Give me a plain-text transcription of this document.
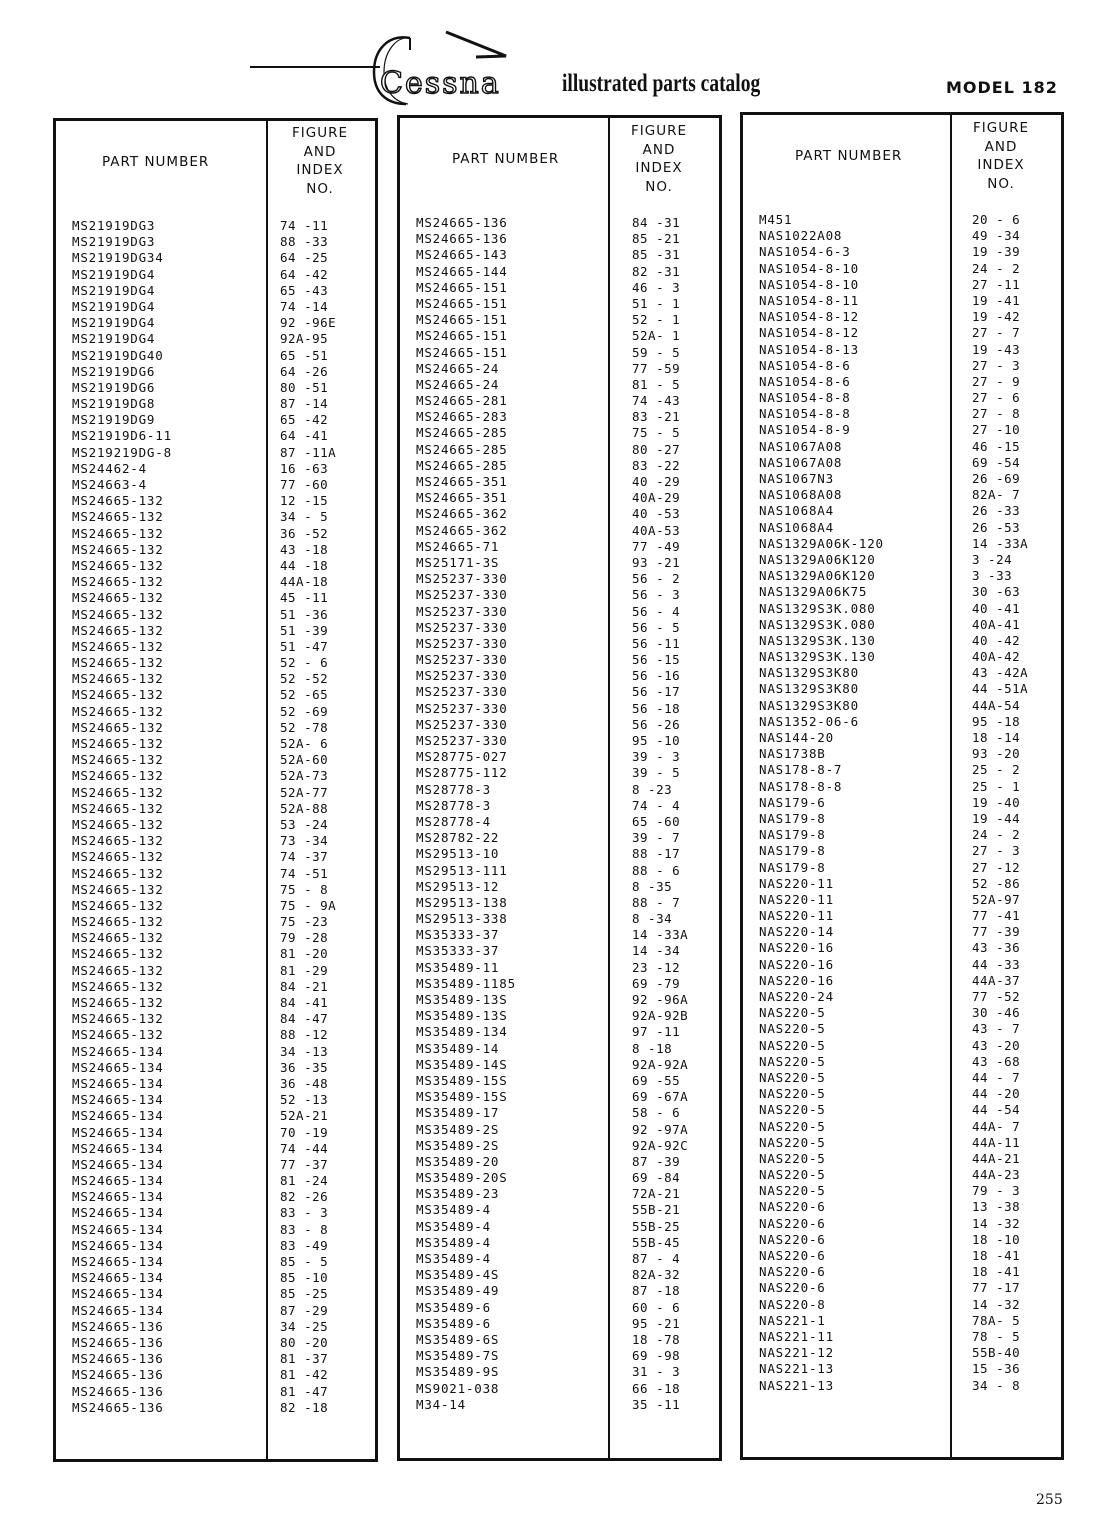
Cessna illustrated parts catalog	MODEL 182
PART NUMBER
FIGURE
AND
INDEX
NO.
MS21919DG3	74 -11
MS21919DG3	88 -33
MS21919DG34	64 -25
MS21919DG4	64 -42
MS21919DG4	65 -43
MS21919DG4	74 -14
MS21919DG4	92 -96E
MS21919DG4	92A-95
MS21919DG40	65 -51
MS21919DG6	64 -26
MS21919DG6	80 -51
MS21919DG8	87 -14
MS21919DG9	65 -42
MS21919D6-11	64 -41
MS219219DG-8	87 -11A
MS24462-4	16 -63
MS24663-4	77 -60
MS24665-132	12 -15
MS24665-132	34 - 5
MS24665-132	36 -52
MS24665-132	43 -18
MS24665-132	44 -18
MS24665-132	44A-18
MS24665-132	45 -11
MS24665-132	51 -36
MS24665-132	51 -39
MS24665-132	51 -47
MS24665-132	52 - 6
MS24665-132	52 -52
MS24665-132	52 -65
MS24665-132	52 -69
MS24665-132	52 -78
MS24665-132	52A- 6
MS24665-132	52A-60
MS24665-132	52A-73
MS24665-132	52A-77
MS24665-132	52A-88
MS24665-132	53 -24
MS24665-132	73 -34
MS24665-132	74 -37
MS24665-132	74 -51
MS24665-132	75 - 8
MS24665-132	75 - 9A
MS24665-132	75 -23
MS24665-132	79 -28
MS24665-132	81 -20
MS24665-132	81 -29
MS24665-132	84 -21
MS24665-132	84 -41
MS24665-132	84 -47
MS24665-132	88 -12
MS24665-134	34 -13
MS24665-134	36 -35
MS24665-134	36 -48
MS24665-134	52 -13
MS24665-134	52A-21
MS24665-134	70 -19
MS24665-134	74 -44
MS24665-134	77 -37
MS24665-134	81 -24
MS24665-134	82 -26
MS24665-134	83 - 3
MS24665-134	83 - 8
MS24665-134	83 -49
MS24665-134	85 - 5
MS24665-134	85 -10
MS24665-134	85 -25
MS24665-134	87 -29
MS24665-136	34 -25
MS24665-136	80 -20
MS24665-136	81 -37
MS24665-136	81 -42
MS24665-136	81 -47
MS24665-136	82 -18
PART NUMBER
FIGURE
AND
INDEX
NO.
MS24665-136	84 -31
MS24665-136	85 -21
MS24665-143	85 -31
MS24665-144	82 -31
MS24665-151	46 - 3
MS24665-151	51 - 1
MS24665-151	52 - 1
MS24665-151	52A- 1
MS24665-151	59 - 5
MS24665-24	77 -59
MS24665-24	81 - 5
MS24665-281	74 -43
MS24665-283	83 -21
MS24665-285	75 - 5
MS24665-285	80 -27
MS24665-285	83 -22
MS24665-351	40 -29
MS24665-351	40A-29
MS24665-362	40 -53
MS24665-362	40A-53
MS24665-71	77 -49
MS25171-3S	93 -21
MS25237-330	56 - 2
MS25237-330	56 - 3
MS25237-330	56 - 4
MS25237-330	56 - 5
MS25237-330	56 -11
MS25237-330	56 -15
MS25237-330	56 -16
MS25237-330	56 -17
MS25237-330	56 -18
MS25237-330	56 -26
MS25237-330	95 -10
MS28775-027	39 - 3
MS28775-112	39 - 5
MS28778-3	8 -23
MS28778-3	74 - 4
MS28778-4	65 -60
MS28782-22	39 - 7
MS29513-10	88 -17
MS29513-111	88 - 6
MS29513-12	8 -35
MS29513-138	88 - 7
MS29513-338	8 -34
MS35333-37	14 -33A
MS35333-37	14 -34
MS35489-11	23 -12
MS35489-1185	69 -79
MS35489-13S	92 -96A
MS35489-13S	92A-92B
MS35489-134	97 -11
MS35489-14	8 -18
MS35489-14S	92A-92A
MS35489-15S	69 -55
MS35489-15S	69 -67A
MS35489-17	58 - 6
MS35489-2S	92 -97A
MS35489-2S	92A-92C
MS35489-20	87 -39
MS35489-20S	69 -84
MS35489-23	72A-21
MS35489-4	55B-21
MS35489-4	55B-25
MS35489-4	55B-45
MS35489-4	87 - 4
MS35489-4S	82A-32
MS35489-49	87 -18
MS35489-6	60 - 6
MS35489-6	95 -21
MS35489-6S	18 -78
MS35489-7S	69 -98
MS35489-9S	31 - 3
MS9021-038	66 -18
M34-14	35 -11
PART NUMBER
FIGURE
AND
INDEX
NO.
M451	20 - 6
NAS1022A08	49 -34
NAS1054-6-3	19 -39
NAS1054-8-10	24 - 2
NAS1054-8-10	27 -11
NAS1054-8-11	19 -41
NAS1054-8-12	19 -42
NAS1054-8-12	27 - 7
NAS1054-8-13	19 -43
NAS1054-8-6	27 - 3
NAS1054-8-6	27 - 9
NAS1054-8-8	27 - 6
NAS1054-8-8	27 - 8
NAS1054-8-9	27 -10
NAS1067A08	46 -15
NAS1067A08	69 -54
NAS1067N3	26 -69
NAS1068A08	82A- 7
NAS1068A4	26 -33
NAS1068A4	26 -53
NAS1329A06K-120	14 -33A
NAS1329A06K120	3 -24
NAS1329A06K120	3 -33
NAS1329A06K75	30 -63
NAS1329S3K.080	40 -41
NAS1329S3K.080	40A-41
NAS1329S3K.130	40 -42
NAS1329S3K.130	40A-42
NAS1329S3K80	43 -42A
NAS1329S3K80	44 -51A
NAS1329S3K80	44A-54
NAS1352-06-6	95 -18
NAS144-20	18 -14
NAS1738B	93 -20
NAS178-8-7	25 - 2
NAS178-8-8	25 - 1
NAS179-6	19 -40
NAS179-8	19 -44
NAS179-8	24 - 2
NAS179-8	27 - 3
NAS179-8	27 -12
NAS220-11	52 -86
NAS220-11	52A-97
NAS220-11	77 -41
NAS220-14	77 -39
NAS220-16	43 -36
NAS220-16	44 -33
NAS220-16	44A-37
NAS220-24	77 -52
NAS220-5	30 -46
NAS220-5	43 - 7
NAS220-5	43 -20
NAS220-5	43 -68
NAS220-5	44 - 7
NAS220-5	44 -20
NAS220-5	44 -54
NAS220-5	44A- 7
NAS220-5	44A-11
NAS220-5	44A-21
NAS220-5	44A-23
NAS220-5	79 - 3
NAS220-6	13 -38
NAS220-6	14 -32
NAS220-6	18 -10
NAS220-6	18 -41
NAS220-6	18 -41
NAS220-6	77 -17
NAS220-8	14 -32
NAS221-1	78A- 5
NAS221-11	78 - 5
NAS221-12	55B-40
NAS221-13	15 -36
NAS221-13	34 - 8
255
